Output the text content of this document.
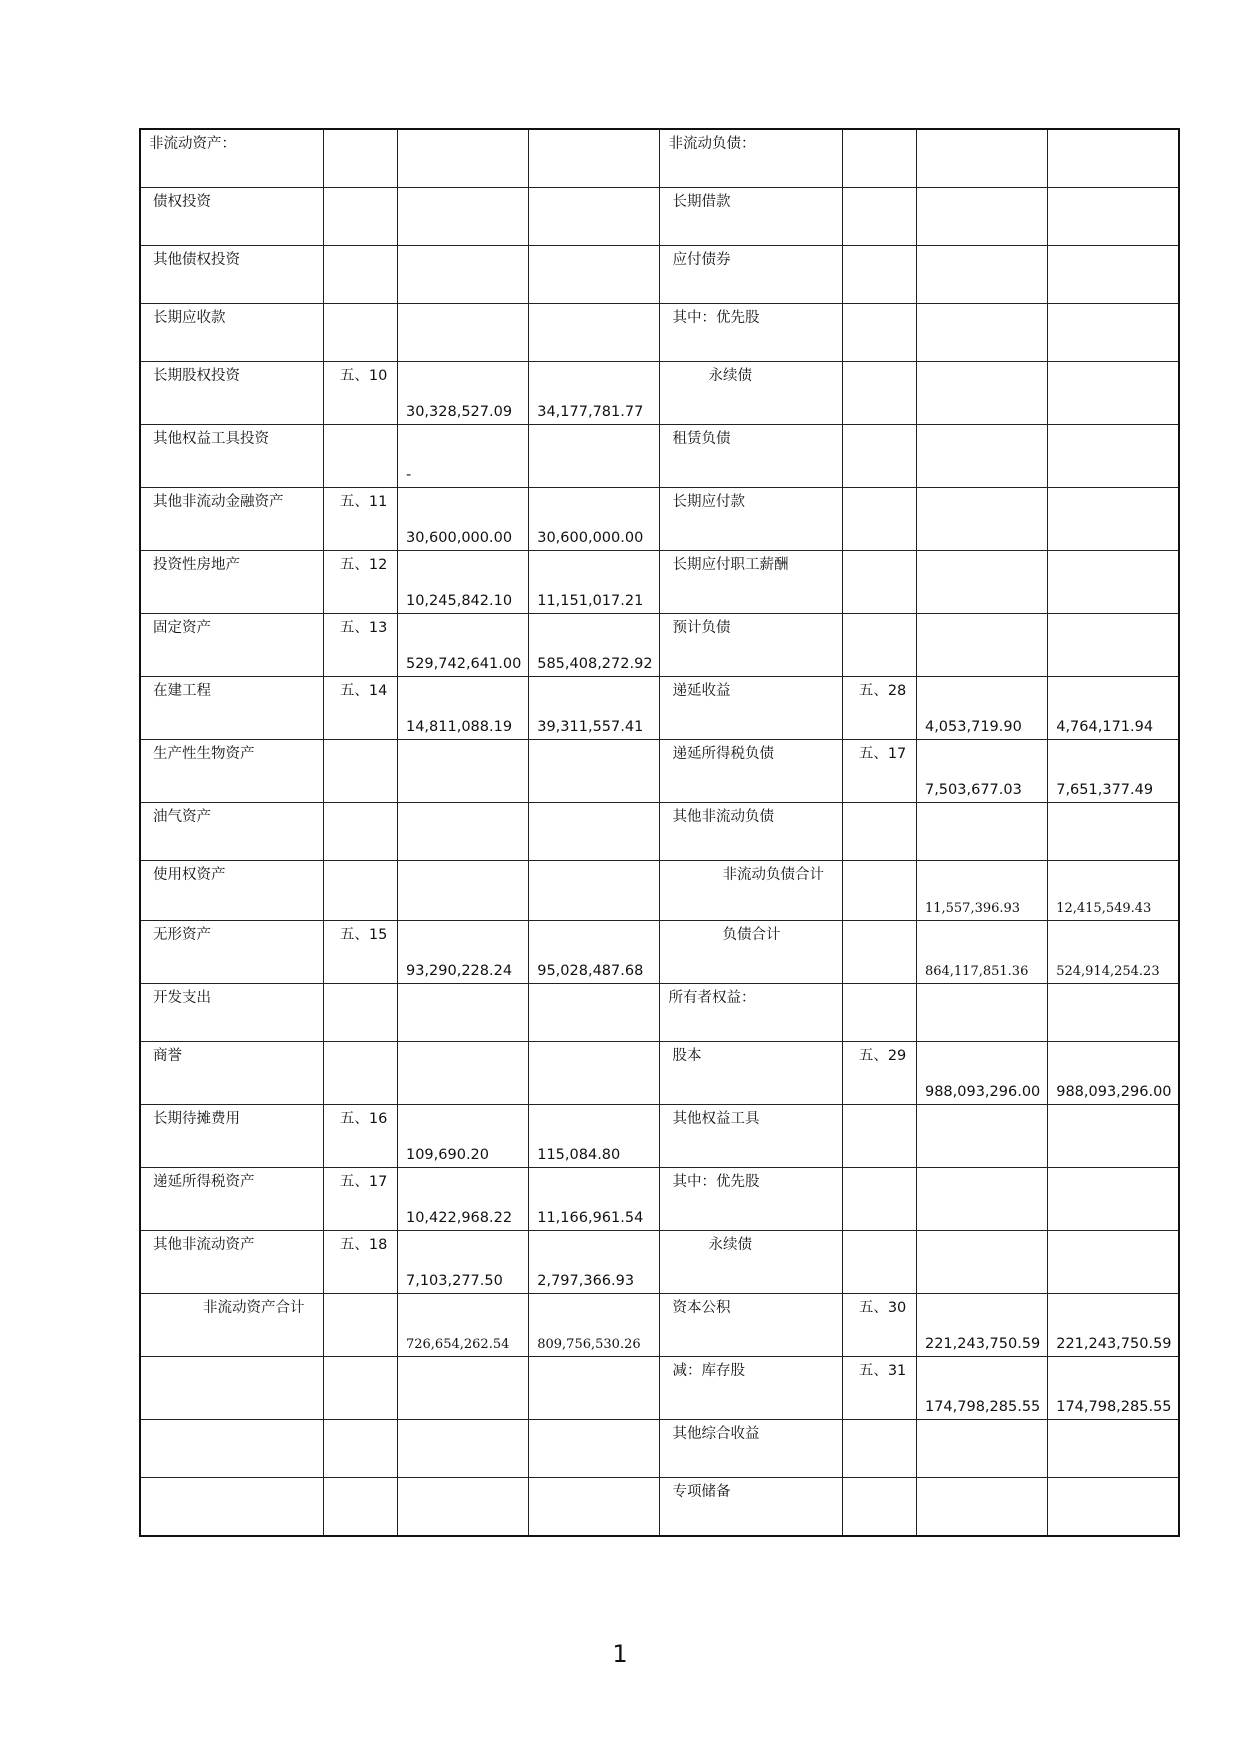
非流动资产：				非流动负债：			

债权投资				长期借款			

其他债权投资				应付债券			

长期应收款				其中：优先股			

长期股权投资	五、10	30,328,527.09	34,177,781.77	永续债			

其他权益工具投资		-		租赁负债			

其他非流动金融资产	五、11	30,600,000.00	30,600,000.00	长期应付款			

投资性房地产	五、12	10,245,842.10	11,151,017.21	长期应付职工薪酬			

固定资产	五、13	529,742,641.00	585,408,272.92	预计负债			

在建工程	五、14	14,811,088.19	39,311,557.41	递延收益	五、28	4,053,719.90	4,764,171.94

生产性生物资产				递延所得税负债	五、17	7,503,677.03	7,651,377.49

油气资产				其他非流动负债			

使用权资产				非流动负债合计		11,557,396.93	12,415,549.43

无形资产	五、15	93,290,228.24	95,028,487.68	负债合计		864,117,851.36	524,914,254.23

开发支出				所有者权益：			

商誉				股本	五、29	988,093,296.00	988,093,296.00

长期待摊费用	五、16	109,690.20	115,084.80	其他权益工具			

递延所得税资产	五、17	10,422,968.22	11,166,961.54	其中：优先股			

其他非流动资产	五、18	7,103,277.50	2,797,366.93	永续债			

非流动资产合计		726,654,262.54	809,756,530.26	资本公积	五、30	221,243,750.59	221,243,750.59

				减：库存股	五、31	174,798,285.55	174,798,285.55

				其他综合收益			

				专项储备			

1
